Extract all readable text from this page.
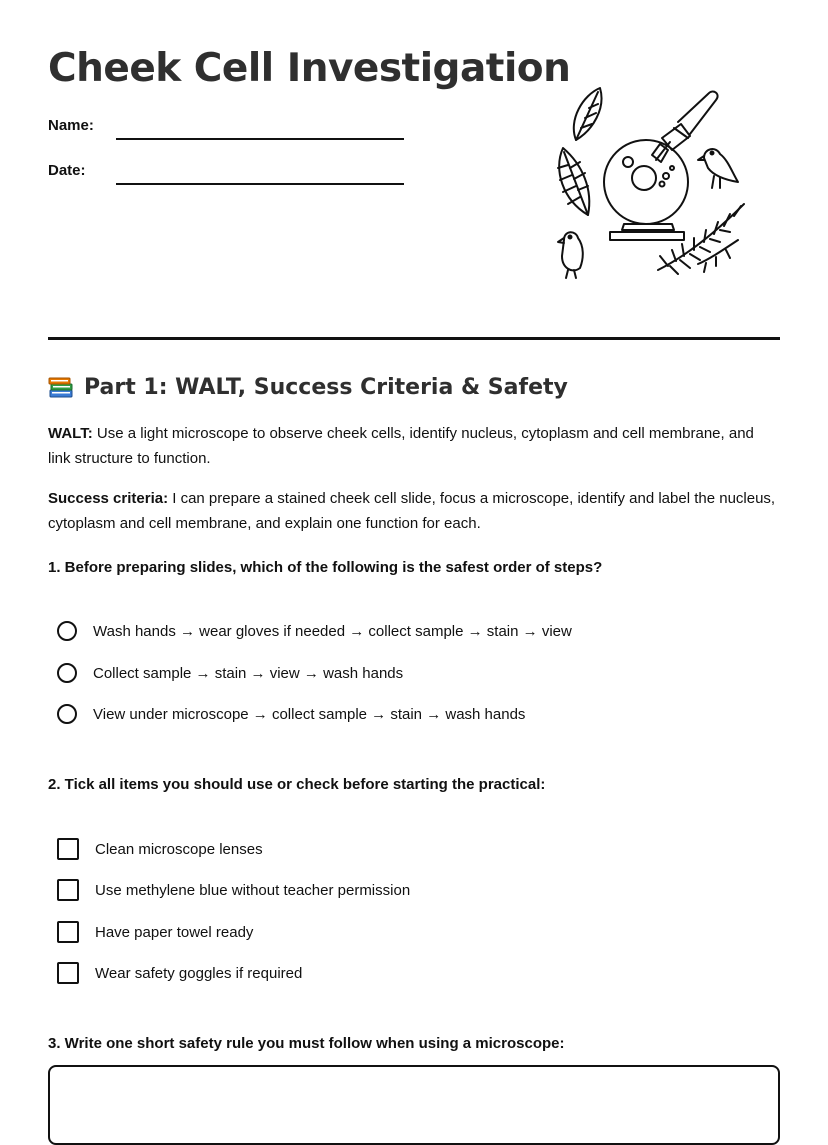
Cheek Cell Investigation
Name:
Date:
Part 1: WALT, Success Criteria & Safety

WALT: Use a light microscope to observe cheek cells, identify nucleus, cytoplasm and cell membrane, and link structure to function.

Success criteria: I can prepare a stained cheek cell slide, focus a microscope, identify and label the nucleus, cytoplasm and cell membrane, and explain one function for each.

1. Before preparing slides, which of the following is the safest order of steps?

Wash hands → wear gloves if needed → collect sample → stain → view
Collect sample → stain → view → wash hands
View under microscope → collect sample → stain → wash hands

2. Tick all items you should use or check before starting the practical:

Clean microscope lenses
Use methylene blue without teacher permission
Have paper towel ready
Wear safety goggles if required

3. Write one short safety rule you must follow when using a microscope:
